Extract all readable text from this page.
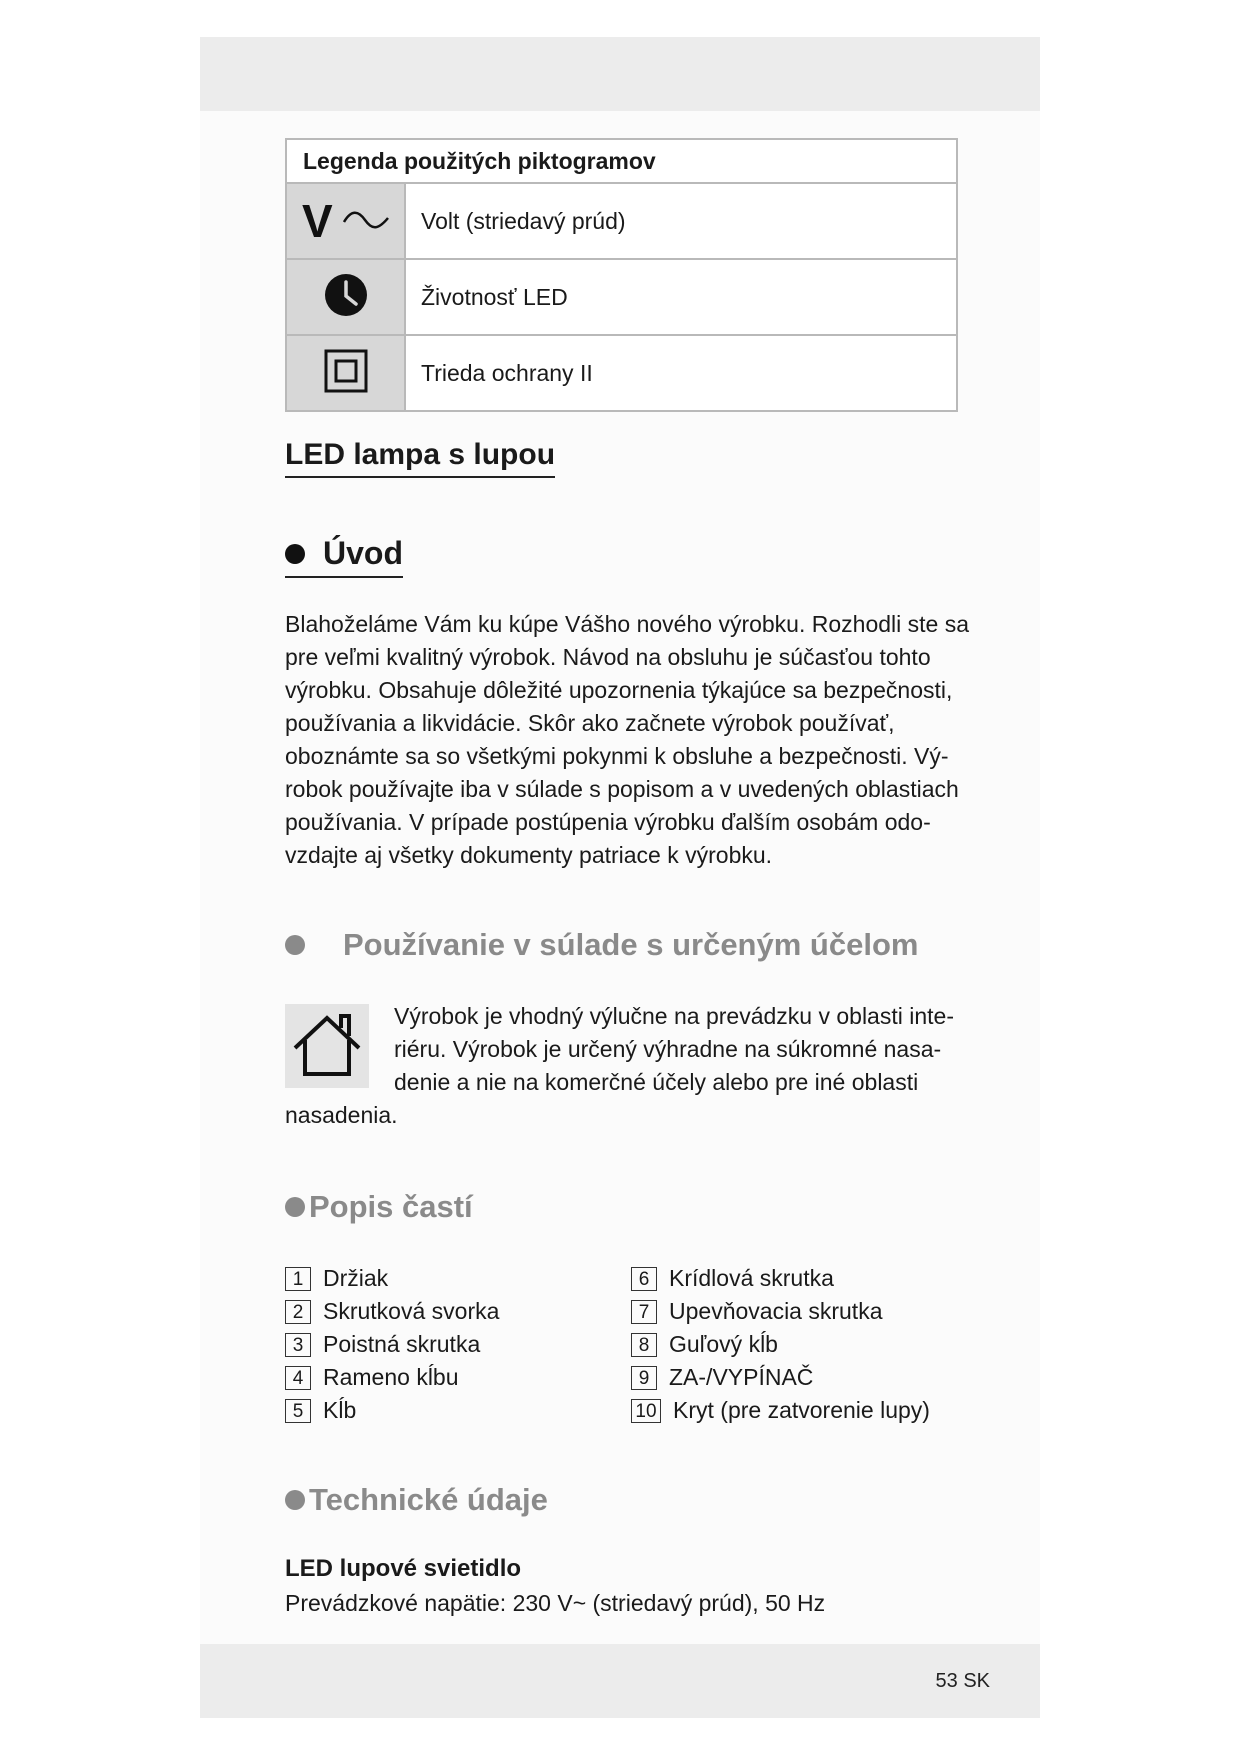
53 SK
Legenda použitých piktogramov	

V	Volt (striedavý prúd)
	Životnosť LED
	Trieda ochrany II
LED lampa s lupou
Úvod

Blahoželáme Vám ku kúpe Vášho nového výrobku. Rozhodli ste sa

pre veľmi kvalitný výrobok. Návod na obsluhu je súčasťou tohto

výrobku. Obsahuje dôležité upozornenia týkajúce sa bezpečnosti,

používania a likvidácie. Skôr ako začnete výrobok používať,

oboznámte sa so všetkými pokynmi k obsluhe a bezpečnosti. Vý-

robok používajte iba v súlade s popisom a v uvedených oblastiach

používania. V prípade postúpenia výrobku ďalším osobám odo-

vzdajte aj všetky dokumenty patriace k výrobku.

Používanie v súlade s určeným účelom

Výrobok je vhodný výlučne na prevádzku v oblasti inte-

riéru. Výrobok je určený výhradne na súkromné nasa-

denie a nie na komerčné účely alebo pre iné oblasti

nasadenia.
Popis častí
1 Držiak
2 Skrutková svorka
3 Poistná skrutka
4 Rameno kĺbu
5 Kĺb
6 Krídlová skrutka
7 Upevňovacia skrutka
8 Guľový kĺb
9 ZA-/VYPÍNAČ
10 Kryt (pre zatvorenie lupy)
Technické údaje
LED lupové svietidlo
Prevádzkové napätie: 230 V~ (striedavý prúd), 50 Hz
